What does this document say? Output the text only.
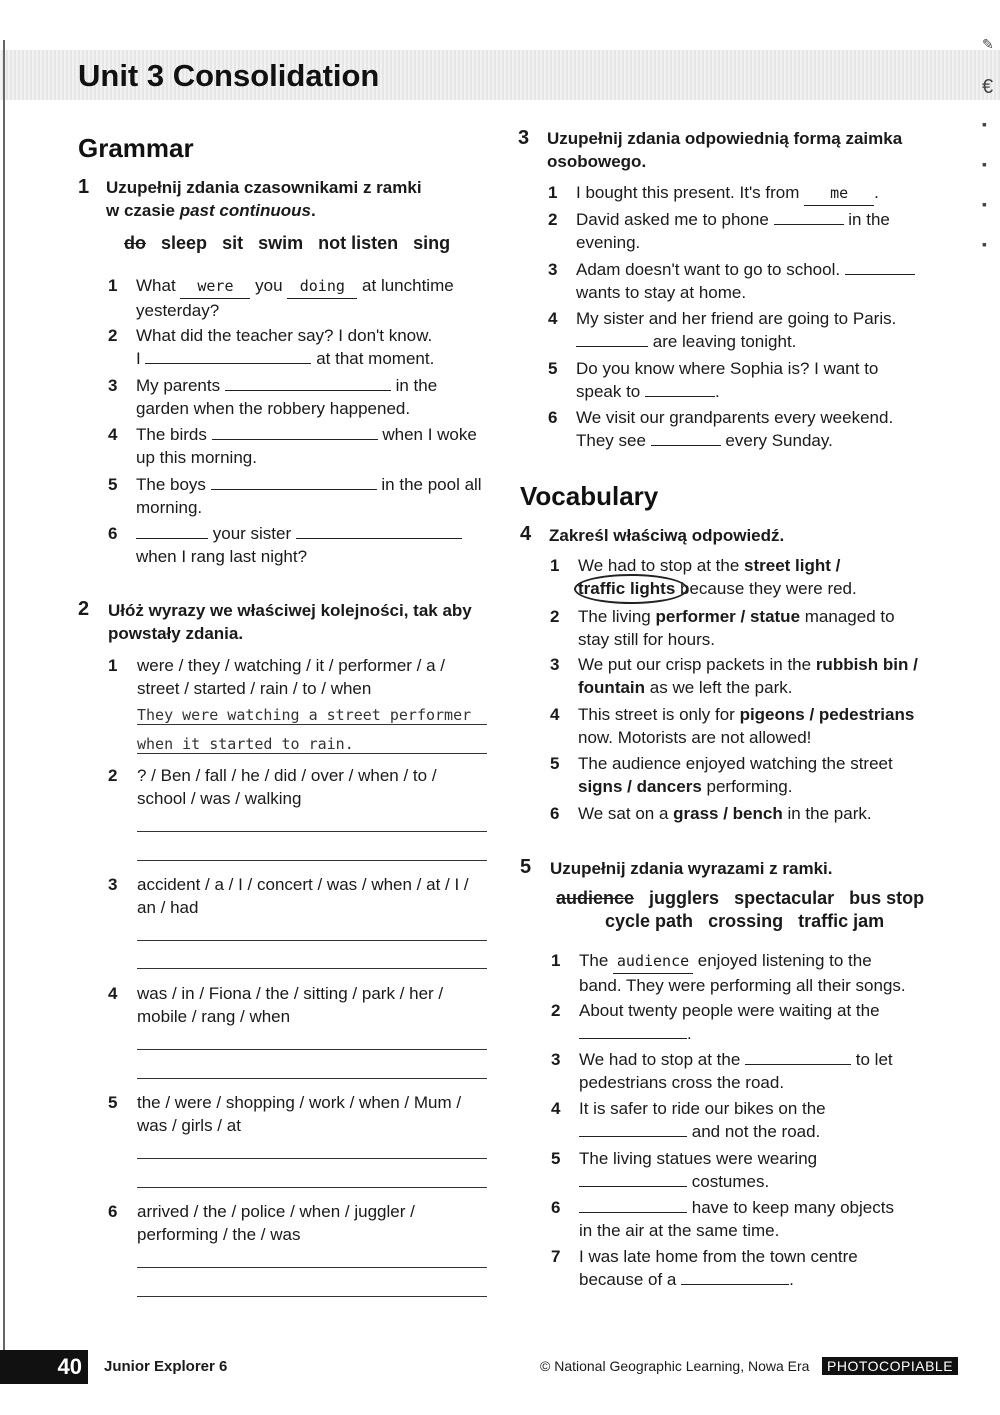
Unit 3 Consolidation
Grammar
1 Uzupełnij zdania czasownikami z ramki
w czasie past continuous.
do sleep sit swim not listen sing
1 What were you doing at lunchtime
yesterday?
2 What did the teacher say? I don't know.
I	at that moment.
3 My parents	in the
garden when the robbery happened.
4 The birds	when I woke
up this morning.
5 The boys	in the pool all
morning.
6	your sister
when I rang last night?
2 Ułóż wyrazy we właściwej kolejności, tak aby
powstały zdania.
1 were / they / watching / it / performer / a /
street / started / rain / to / when
They were watching a street performer
when it started to rain.
2 ? / Ben / fall / he / did / over / when / to /
school / was / walking
3 accident / a / I / concert / was / when / at / I /
an / had
4 was / in / Fiona / the / sitting / park / her /
mobile / rang / when
5 the / were / shopping / work / when / Mum /
was / girls / at
6 arrived / the / police / when / juggler /
performing / the / was
3 Uzupełnij zdania odpowiednią formą zaimka
osobowego.
1 I bought this present. It's from me .
2 David asked me to phone	in the
evening.
3 Adam doesn't want to go to school.
wants to stay at home.
4 My sister and her friend are going to Paris.
are leaving tonight.
5 Do you know where Sophia is? I want to
speak to	.
6 We visit our grandparents every weekend.
They see	every Sunday.
Vocabulary
4 Zakreśl właściwą odpowiedź.
1 We had to stop at the street light /
traffic lights because they were red.
2 The living performer / statue managed to
stay still for hours.
3 We put our crisp packets in the rubbish bin /
fountain as we left the park.
4 This street is only for pigeons / pedestrians
now. Motorists are not allowed!
5 The audience enjoyed watching the street
signs / dancers performing.
6 We sat on a grass / bench in the park.
5 Uzupełnij zdania wyrazami z ramki.
audience jugglers spectacular bus stop
cycle path crossing traffic jam
1 The audience enjoyed listening to the
band. They were performing all their songs.
2 About twenty people were waiting at the
.
3 We had to stop at the	to let
pedestrians cross the road.
4 It is safer to ride our bikes on the
and not the road.
5 The living statues were wearing
costumes.
6	have to keep many objects
in the air at the same time.
7 I was late home from the town centre
because of a	.
✎
€
▪
▪
▪
▪
40	Junior Explorer 6	© National Geographic Learning, Nowa Era	PHOTOCOPIABLE
